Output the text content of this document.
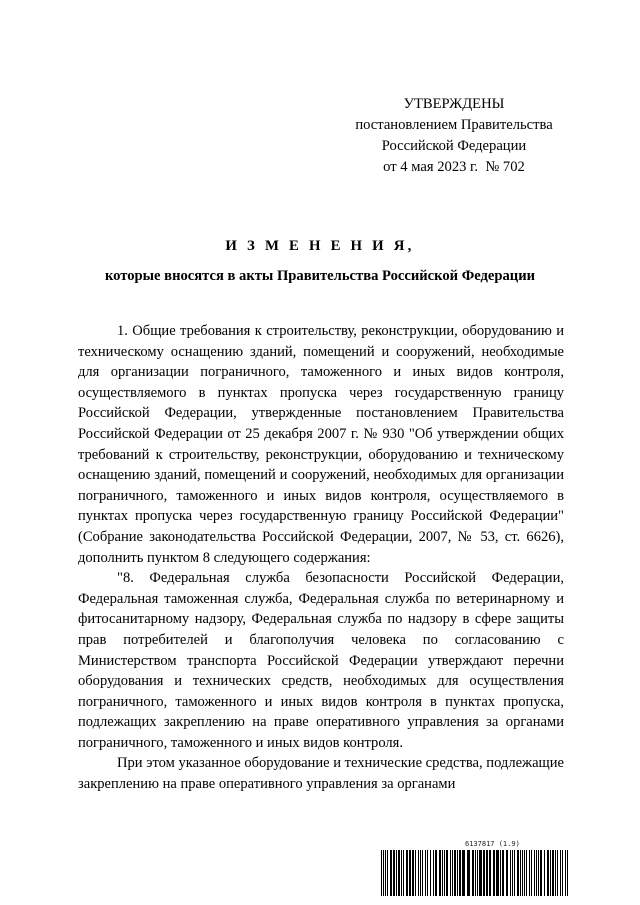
УТВЕРЖДЕНЫ
постановлением Правительства
Российской Федерации
от 4 мая 2023 г.  № 702
И З М Е Н Е Н И Я,
которые вносятся в акты Правительства Российской Федерации

1. Общие требования к строительству, реконструкции, оборудованию и техническому оснащению зданий, помещений и сооружений, необходимые для организации пограничного, таможенного и иных видов контроля, осуществляемого в пунктах пропуска через государственную границу Российской Федерации, утвержденные постановлением Правительства Российской Федерации от 25 декабря 2007 г. № 930 "Об утверждении общих требований к строительству, реконструкции, оборудованию и техническому оснащению зданий, помещений и сооружений, необходимых для организации пограничного, таможенного и иных видов контроля, осуществляемого в пунктах пропуска через государственную границу Российской Федерации" (Собрание законодательства Российской Федерации, 2007, № 53, ст. 6626), дополнить пунктом 8 следующего содержания:

"8. Федеральная служба безопасности Российской Федерации, Федеральная таможенная служба, Федеральная служба по ветеринарному и фитосанитарному надзору, Федеральная служба по надзору в сфере защиты прав потребителей и благополучия человека по согласованию с Министерством транспорта Российской Федерации утверждают перечни оборудования и технических средств, необходимых для осуществления пограничного, таможенного и иных видов контроля в пунктах пропуска, подлежащих закреплению на праве оперативного управления за органами пограничного, таможенного и иных видов контроля.

При этом указанное оборудование и технические средства, подлежащие закреплению на праве оперативного управления за органами

6137817 (1.9)
